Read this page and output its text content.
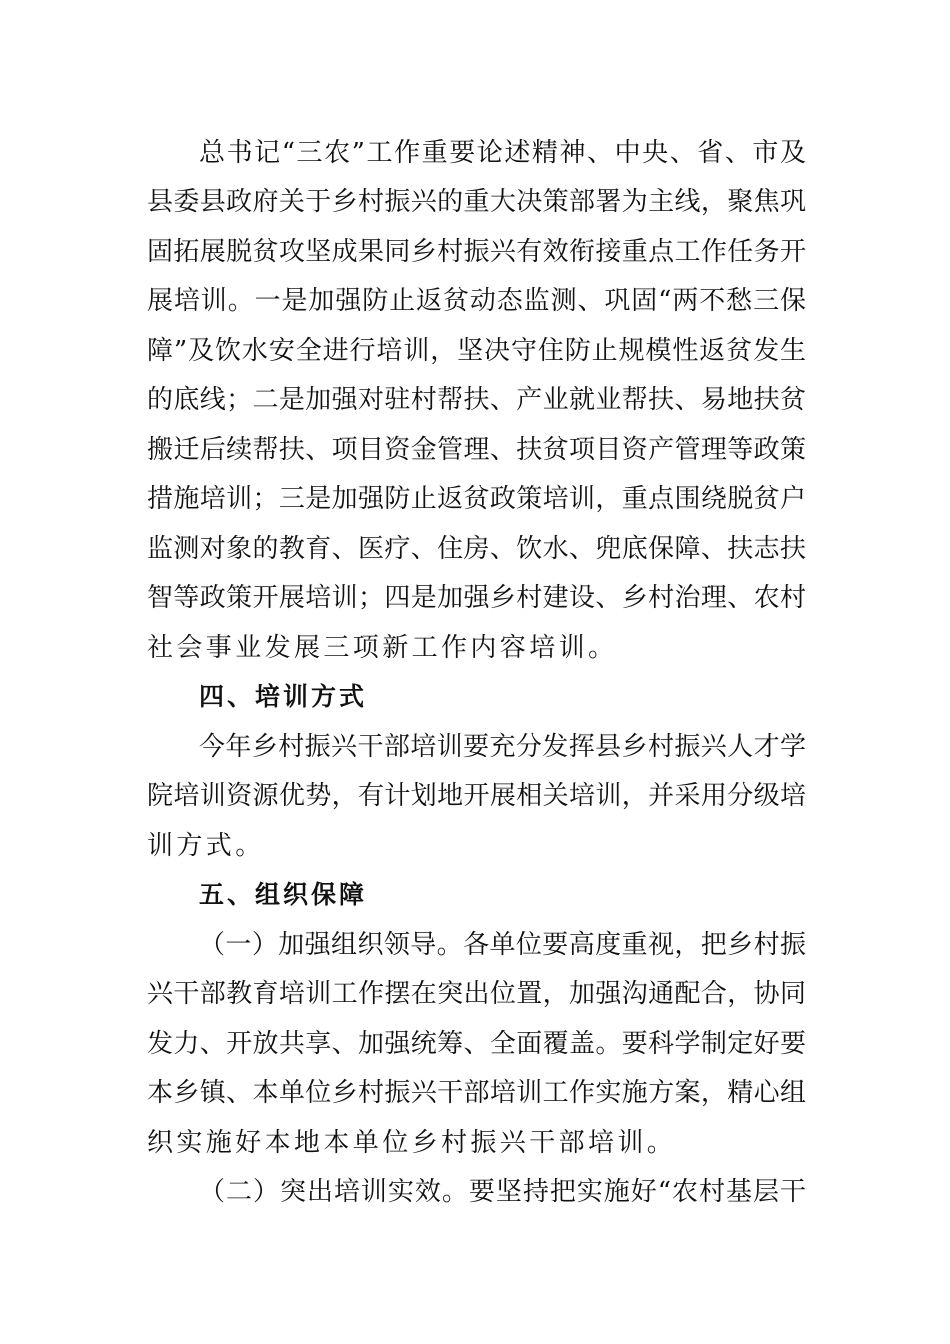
总书记“三农”工作重要论述精神、中央、省、市及
县委县政府关于乡村振兴的重大决策部署为主线，聚焦巩
固拓展脱贫攻坚成果同乡村振兴有效衔接重点工作任务开
展培训。一是加强防止返贫动态监测、巩固“两不愁三保
障”及饮水安全进行培训，坚决守住防止规模性返贫发生
的底线；二是加强对驻村帮扶、产业就业帮扶、易地扶贫
搬迁后续帮扶、项目资金管理、扶贫项目资产管理等政策
措施培训；三是加强防止返贫政策培训，重点围绕脱贫户
监测对象的教育、医疗、住房、饮水、兜底保障、扶志扶
智等政策开展培训；四是加强乡村建设、乡村治理、农村
社会事业发展三项新工作内容培训。
四、培训方式
今年乡村振兴干部培训要充分发挥县乡村振兴人才学
院培训资源优势，有计划地开展相关培训，并采用分级培
训方式。
五、组织保障
（一）加强组织领导。各单位要高度重视，把乡村振
兴干部教育培训工作摆在突出位置，加强沟通配合，协同
发力、开放共享、加强统筹、全面覆盖。要科学制定好要
本乡镇、本单位乡村振兴干部培训工作实施方案，精心组
织实施好本地本单位乡村振兴干部培训。
（二）突出培训实效。要坚持把实施好“农村基层干
